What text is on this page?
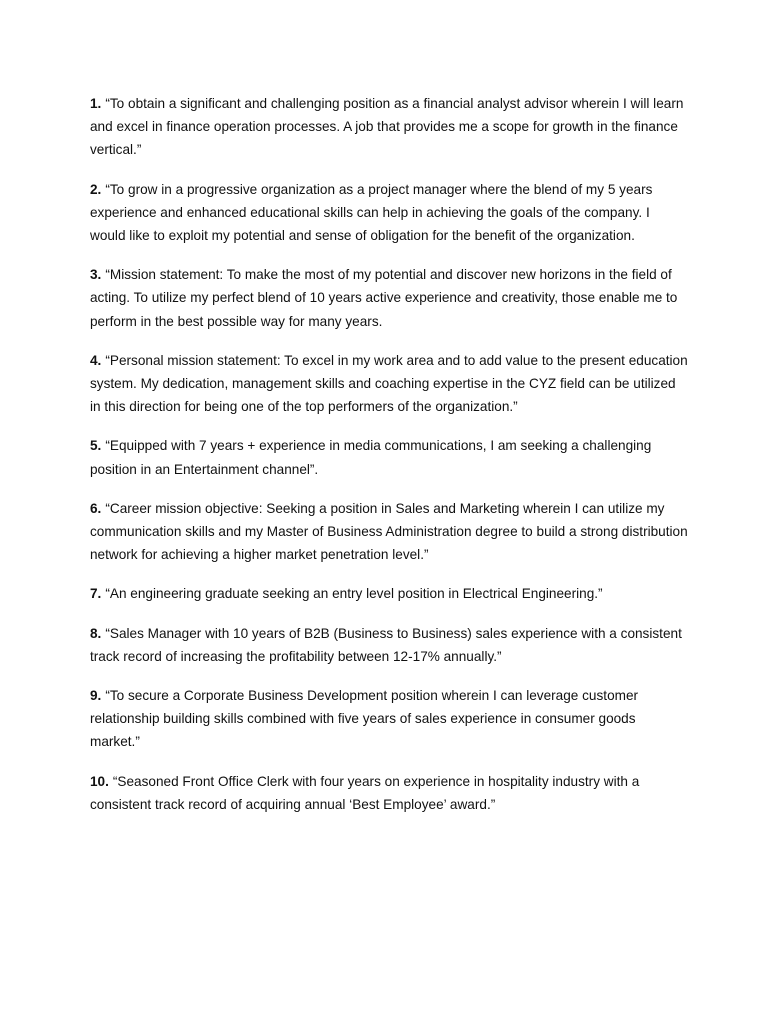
1. “To obtain a significant and challenging position as a financial analyst advisor wherein I will learn and excel in finance operation processes. A job that provides me a scope for growth in the finance vertical.”
2. “To grow in a progressive organization as a project manager where the blend of my 5 years experience and enhanced educational skills can help in achieving the goals of the company. I would like to exploit my potential and sense of obligation for the benefit of the organization.
3. “Mission statement: To make the most of my potential and discover new horizons in the field of acting. To utilize my perfect blend of 10 years active experience and creativity, those enable me to perform in the best possible way for many years.
4. “Personal mission statement: To excel in my work area and to add value to the present education system. My dedication, management skills and coaching expertise in the CYZ field can be utilized in this direction for being one of the top performers of the organization.”
5. “Equipped with 7 years + experience in media communications, I am seeking a challenging position in an Entertainment channel”.
6. “Career mission objective: Seeking a position in Sales and Marketing wherein I can utilize my communication skills and my Master of Business Administration degree to build a strong distribution network for achieving a higher market penetration level.”
7. “An engineering graduate seeking an entry level position in Electrical Engineering.”
8. “Sales Manager with 10 years of B2B (Business to Business) sales experience with a consistent track record of increasing the profitability between 12-17% annually.”
9. “To secure a Corporate Business Development position wherein I can leverage customer relationship building skills combined with five years of sales experience in consumer goods market.”
10. “Seasoned Front Office Clerk with four years on experience in hospitality industry with a consistent track record of acquiring annual ‘Best Employee’ award.”
